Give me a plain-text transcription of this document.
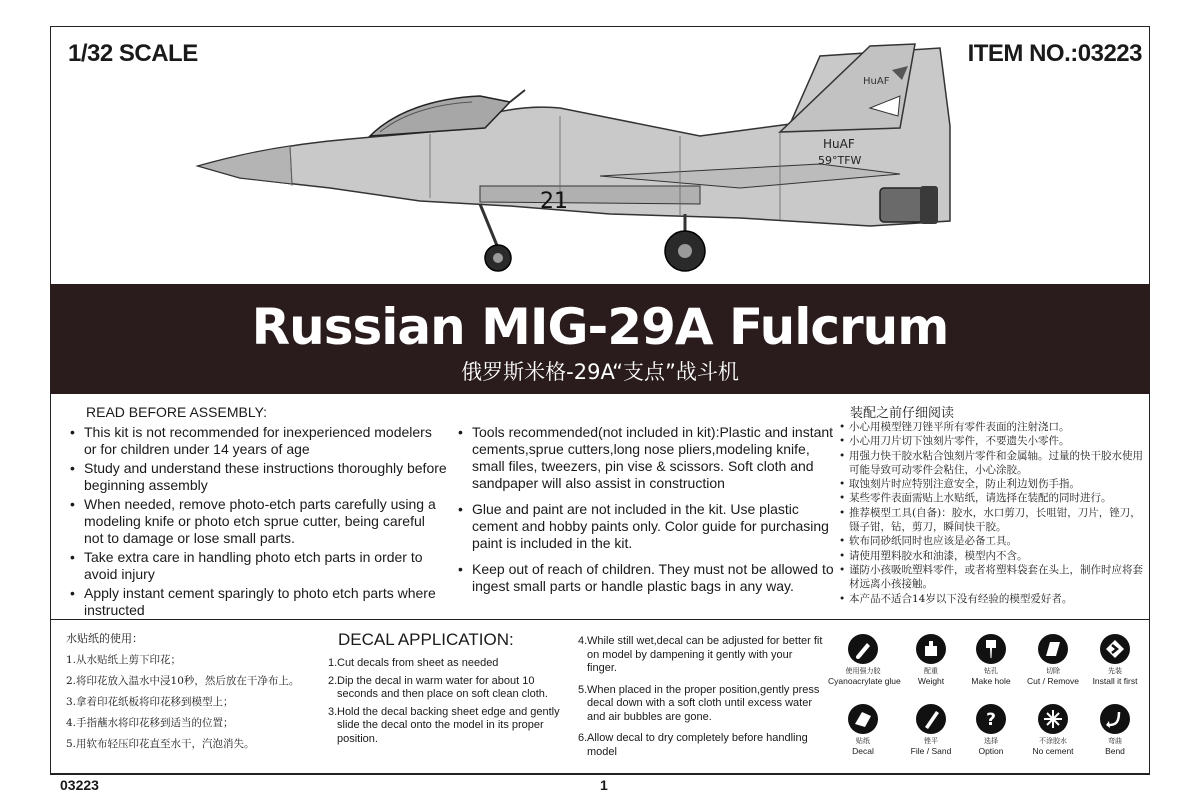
1/32 SCALE	ITEM NO.:03223
HuAF
HuAF
59°TFW
21
Russian MIG-29A Fulcrum
俄罗斯米格-29A“支点”战斗机
READ BEFORE ASSEMBLY:
• This kit is not recommended for inexperienced modelers or for children under 14 years of age
• Study and understand these instructions thoroughly before beginning assembly
• When needed, remove photo-etch parts carefully using a modeling knife or photo etch sprue cutter, being careful not to damage or lose small parts.
• Take extra care in handling photo etch parts in order to avoid injury
• Apply instant cement sparingly to photo etch parts where instructed
• Tools recommended(not included in kit):Plastic and instant cements,sprue cutters,long nose pliers,modeling knife, small files, tweezers, pin vise & scissors. Soft cloth and sandpaper will also assist in construction
• Glue and paint are not included in the kit. Use plastic cement and hobby paints only. Color guide for purchasing paint is included in the kit.
• Keep out of reach of children. They must not be allowed to ingest small parts or handle plastic bags in any way.
装配之前仔细阅读
• 小心用模型锉刀锉平所有零件表面的注射浇口。
• 小心用刀片切下蚀刻片零件，不要遗失小零件。
• 用强力快干胶水粘合蚀刻片零件和金属轴。过量的快干胶水使用可能导致可动零件会粘住，小心涂胶。
• 取蚀刻片时应特别注意安全，防止利边划伤手指。
• 某些零件表面需贴上水贴纸，请选择在装配的同时进行。
• 推荐模型工具(自备)：胶水，水口剪刀，长咀钳，刀片，锉刀，镊子钳，钻，剪刀，瞬间快干胶。
• 软布同砂纸同时也应该是必备工具。
• 请使用塑料胶水和油漆，模型内不含。
• 谨防小孩吸吮塑料零件，或者将塑料袋套在头上，制作时应将套材远离小孩接触。
• 本产品不适合14岁以下没有经验的模型爱好者。
水贴纸的使用：
1.从水贴纸上剪下印花；
2.将印花放入温水中浸10秒，然后放在干净布上。
3.拿着印花纸板将印花移到模型上；
4.手指蘸水将印花移到适当的位置；
5.用软布轻压印花直至水干，汽泡消失。
DECAL APPLICATION:
1. Cut decals from sheet as needed
2. Dip the decal in warm water for about 10 seconds and then place on soft clean cloth.
3. Hold the decal backing sheet edge and gently slide the decal onto the model in its proper position.
4. While still wet,decal can be adjusted for better fit on model by dampening it gently with your finger.
5. When placed in the proper position,gently press decal down with a soft cloth until excess water and air bubbles are gone.
6. Allow decal to dry completely before handling model
使用强力胶
Cyanoacrylate glue
配重
Weight
钻孔
Make hole
切除
Cut / Remove
先装
Install it first
贴纸
Decal
锉平
File / Sand
?
选择
Option
不涂胶水
No cement
弯曲
Bend
03223	1
